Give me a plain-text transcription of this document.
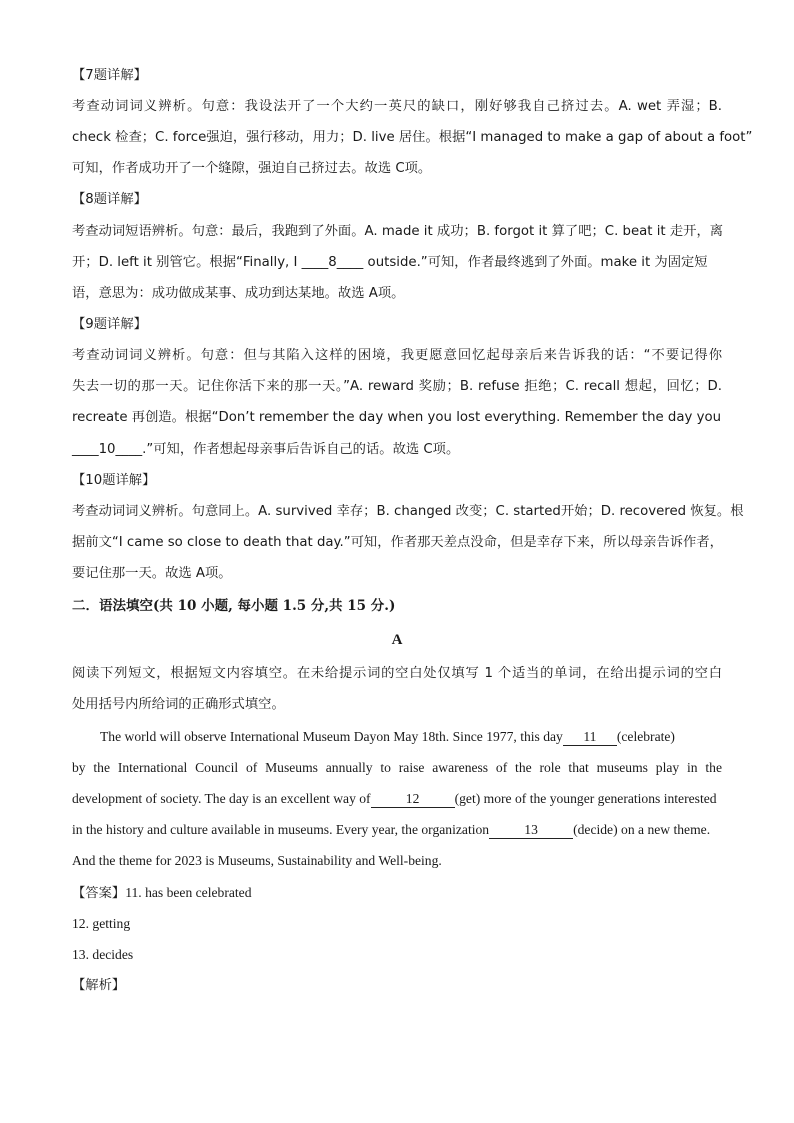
【7题详解】
考查动词词义辨析。句意：我设法开了一个大约一英尺的缺口，刚好够我自己挤过去。A. wet 弄湿；B.
check 检查；C. force强迫，强行移动，用力；D. live 居住。根据“I managed to make a gap of about a foot”
可知，作者成功开了一个缝隙，强迫自己挤过去。故选 C项。
【8题详解】
考查动词短语辨析。句意：最后，我跑到了外面。A. made it 成功；B. forgot it 算了吧；C. beat it 走开，离
开；D. left it 别管它。根据“Finally, I ____8____ outside.”可知，作者最终逃到了外面。make it 为固定短
语，意思为：成功做成某事、成功到达某地。故选 A项。
【9题详解】
考查动词词义辨析。句意：但与其陷入这样的困境，我更愿意回忆起母亲后来告诉我的话：“不要记得你
失去一切的那一天。记住你活下来的那一天。”A. reward 奖励；B. refuse 拒绝；C. recall 想起，回忆；D.
recreate 再创造。根据“Don’t remember the day when you lost everything. Remember the day you
____10____.”可知，作者想起母亲事后告诉自己的话。故选 C项。
【10题详解】
考查动词词义辨析。句意同上。A. survived 幸存；B. changed 改变；C. started开始；D. recovered 恢复。根
据前文“I came so close to death that day.”可知，作者那天差点没命，但是幸存下来，所以母亲告诉作者，
要记住那一天。故选 A项。
二．语法填空(共 10 小题, 每小题 1.5 分,共 15 分.)
A
阅读下列短文，根据短文内容填空。在未给提示词的空白处仅填写 1 个适当的单词，在给出提示词的空白
处用括号内所给词的正确形式填空。
The world will observe International Museum Dayon May 18th. Since 1977, this day 11 (celebrate)
by the International Council of Museums annually to raise awareness of the role that museums play in the
development of society. The day is an excellent way of	12	(get) more of the younger generations interested
in the history and culture available in museums. Every year, the organization	13	(decide) on a new theme.
And the theme for 2023 is Museums, Sustainability and Well-being.
【答案】11. has been celebrated
12. getting
13. decides
【解析】
